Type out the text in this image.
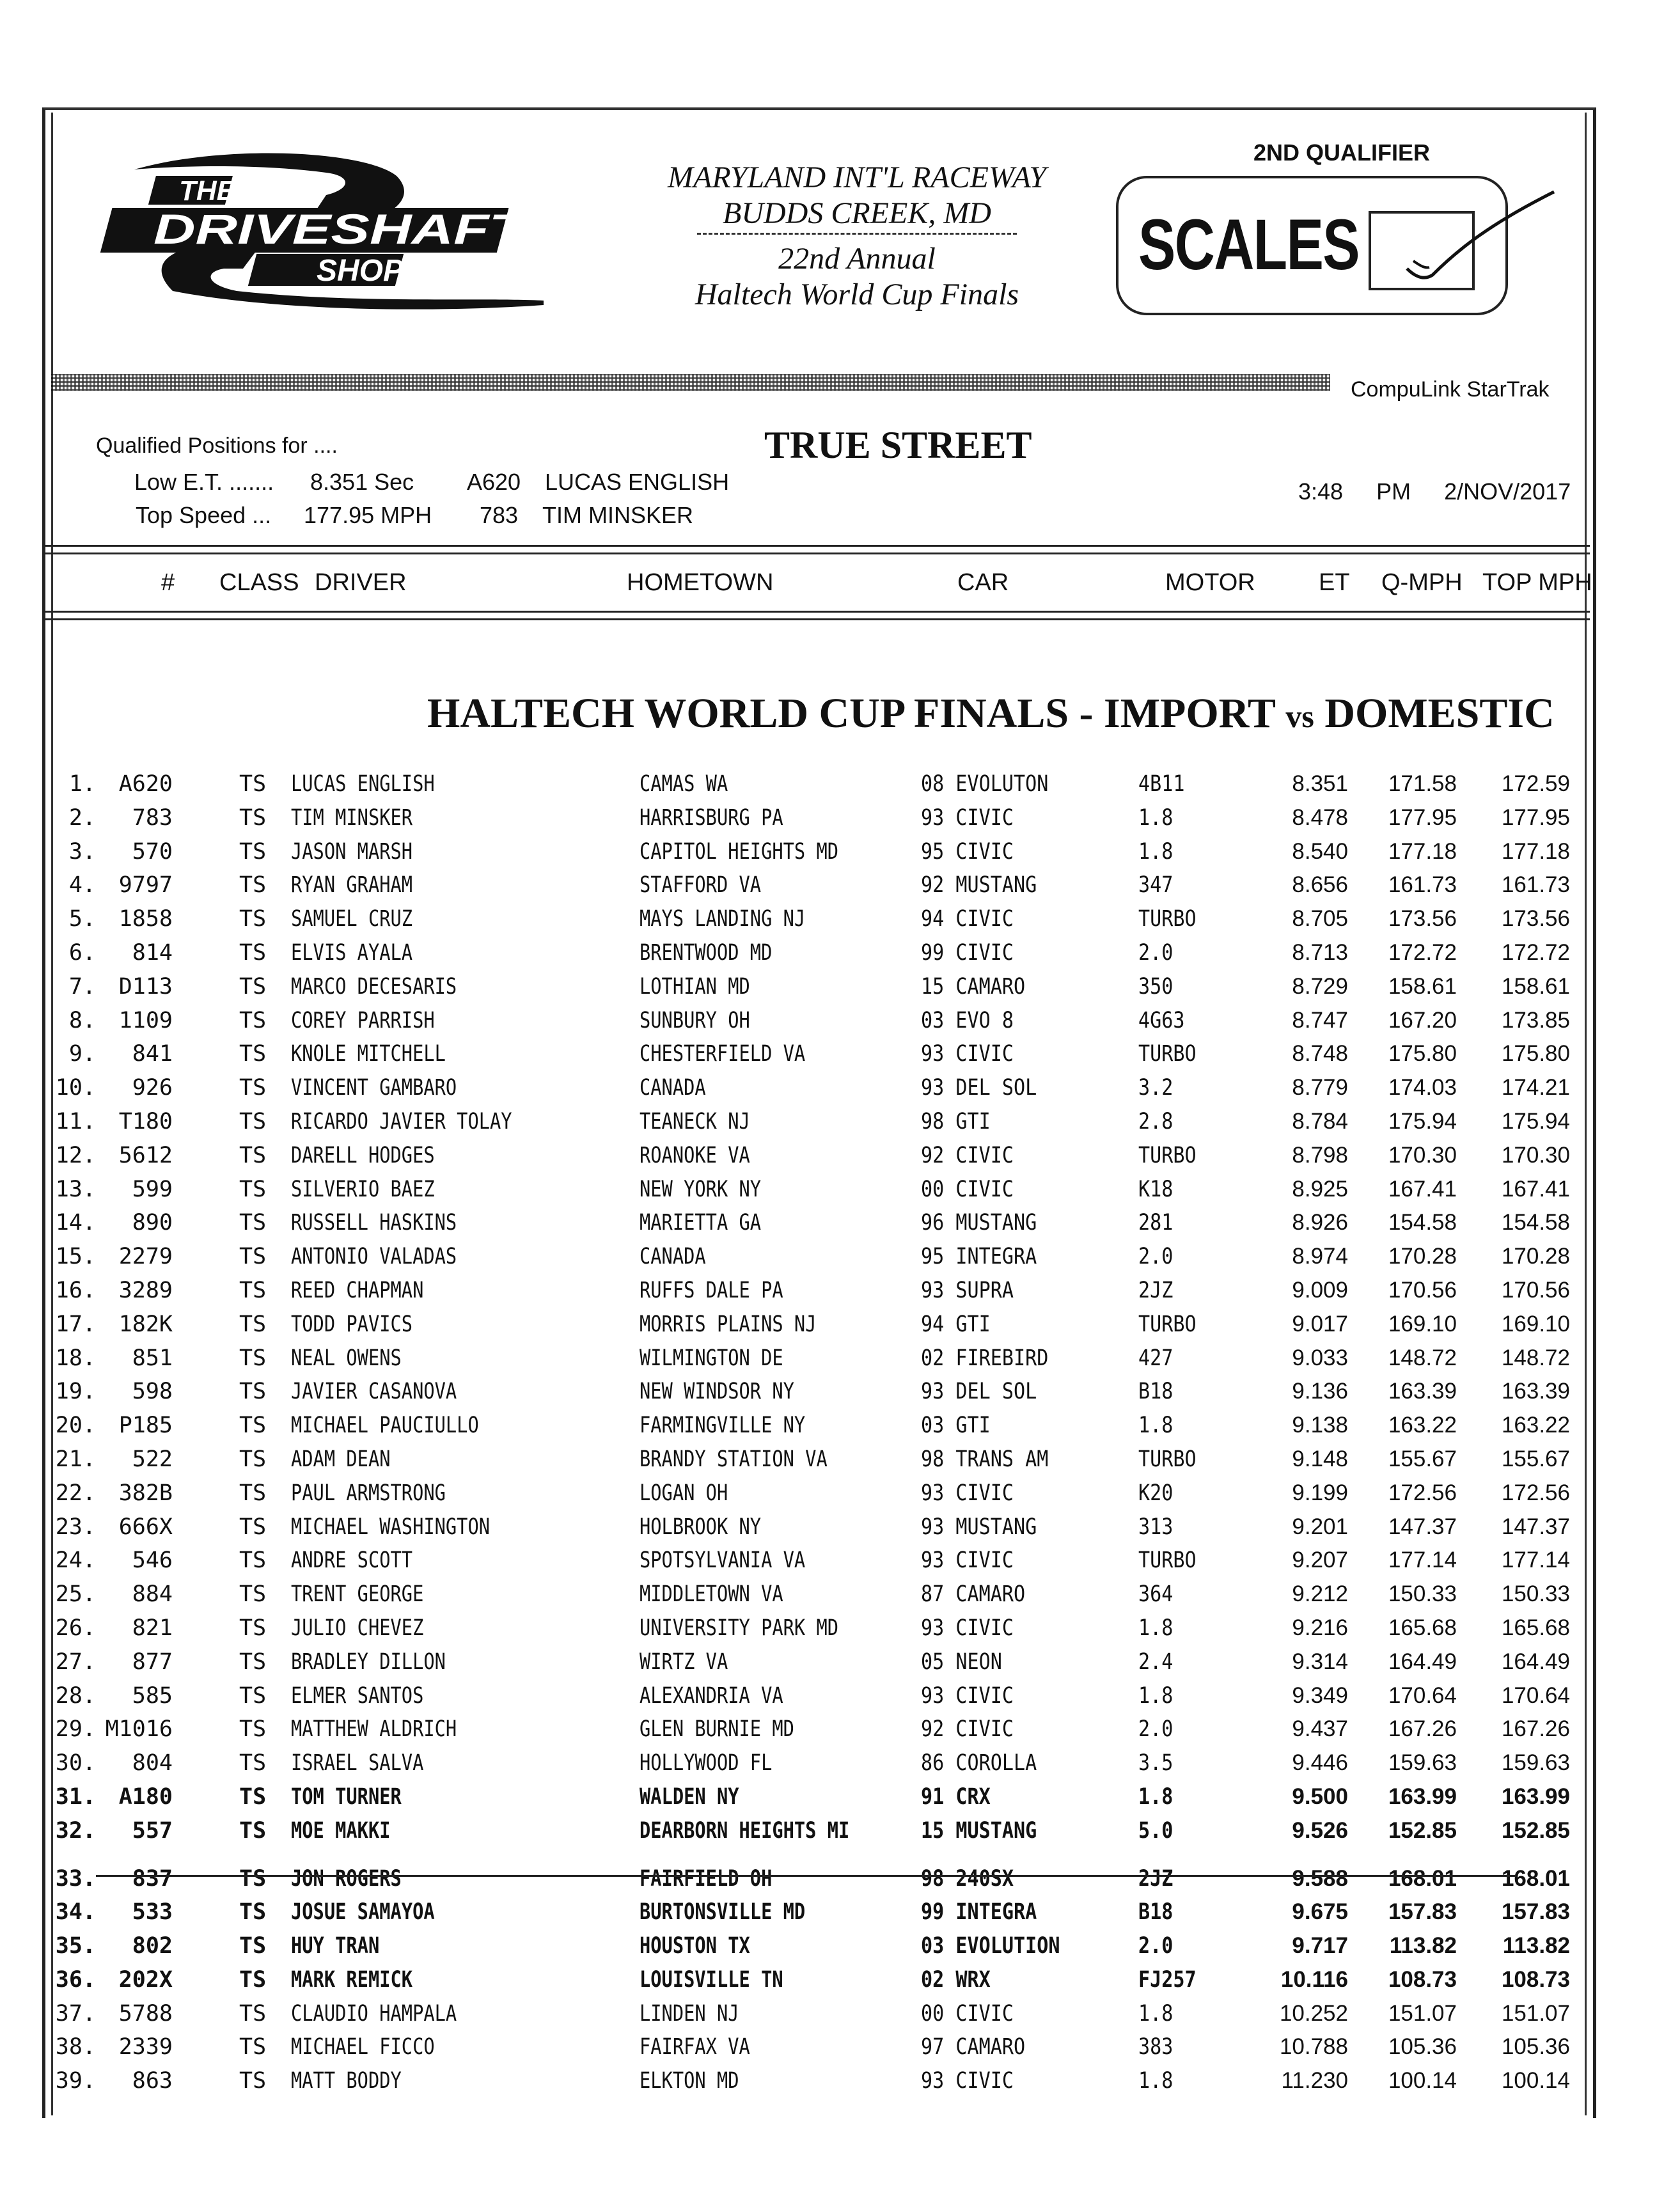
THE
DRIVESHAFT
SHOP
MARYLAND INT'L RACEWAY
BUDDS CREEK, MD
22nd Annual
Haltech World Cup Finals
2ND QUALIFIER
SCALES
CompuLink StarTrak
Qualified Positions for ....
Low E.T. ....... 8.351 Sec A620 LUCAS ENGLISH
Top Speed ... 177.95 MPH 783 TIM MINSKER
TRUE STREET
3:48 PM 2/NOV/2017
# CLASS DRIVER	HOMETOWN	CAR	MOTOR	ET Q-MPH TOP MPH
HALTECH WORLD CUP FINALS - IMPORT vs DOMESTIC
1.	A620	TS LUCAS ENGLISH	CAMAS WA	08 EVOLUTON	4B11	8.351	171.58	172.59
2.	783	TS TIM MINSKER	HARRISBURG PA	93 CIVIC	1.8	8.478	177.95	177.95
3.	570	TS JASON MARSH	CAPITOL HEIGHTS MD	95 CIVIC	1.8	8.540	177.18	177.18
4.	9797	TS RYAN GRAHAM	STAFFORD VA	92 MUSTANG	347	8.656	161.73	161.73
5.	1858	TS SAMUEL CRUZ	MAYS LANDING NJ	94 CIVIC	TURBO	8.705	173.56	173.56
6.	814	TS ELVIS AYALA	BRENTWOOD MD	99 CIVIC	2.0	8.713	172.72	172.72
7.	D113	TS MARCO DECESARIS	LOTHIAN MD	15 CAMARO	350	8.729	158.61	158.61
8.	1109	TS COREY PARRISH	SUNBURY OH	03 EVO 8	4G63	8.747	167.20	173.85
9.	841	TS KNOLE MITCHELL	CHESTERFIELD VA	93 CIVIC	TURBO	8.748	175.80	175.80
10.	926	TS VINCENT GAMBARO	CANADA	93 DEL SOL	3.2	8.779	174.03	174.21
11.	T180	TS RICARDO JAVIER TOLAY	TEANECK NJ	98 GTI	2.8	8.784	175.94	175.94
12.	5612	TS DARELL HODGES	ROANOKE VA	92 CIVIC	TURBO	8.798	170.30	170.30
13.	599	TS SILVERIO BAEZ	NEW YORK NY	00 CIVIC	K18	8.925	167.41	167.41
14.	890	TS RUSSELL HASKINS	MARIETTA GA	96 MUSTANG	281	8.926	154.58	154.58
15.	2279	TS ANTONIO VALADAS	CANADA	95 INTEGRA	2.0	8.974	170.28	170.28
16.	3289	TS REED CHAPMAN	RUFFS DALE PA	93 SUPRA	2JZ	9.009	170.56	170.56
17.	182K	TS TODD PAVICS	MORRIS PLAINS NJ	94 GTI	TURBO	9.017	169.10	169.10
18.	851	TS NEAL OWENS	WILMINGTON DE	02 FIREBIRD	427	9.033	148.72	148.72
19.	598	TS JAVIER CASANOVA	NEW WINDSOR NY	93 DEL SOL	B18	9.136	163.39	163.39
20.	P185	TS MICHAEL PAUCIULLO	FARMINGVILLE NY	03 GTI	1.8	9.138	163.22	163.22
21.	522	TS ADAM DEAN	BRANDY STATION VA	98 TRANS AM	TURBO	9.148	155.67	155.67
22.	382B	TS PAUL ARMSTRONG	LOGAN OH	93 CIVIC	K20	9.199	172.56	172.56
23.	666X	TS MICHAEL WASHINGTON	HOLBROOK NY	93 MUSTANG	313	9.201	147.37	147.37
24.	546	TS ANDRE SCOTT	SPOTSYLVANIA VA	93 CIVIC	TURBO	9.207	177.14	177.14
25.	884	TS TRENT GEORGE	MIDDLETOWN VA	87 CAMARO	364	9.212	150.33	150.33
26.	821	TS JULIO CHEVEZ	UNIVERSITY PARK MD	93 CIVIC	1.8	9.216	165.68	165.68
27.	877	TS BRADLEY DILLON	WIRTZ VA	05 NEON	2.4	9.314	164.49	164.49
28.	585	TS ELMER SANTOS	ALEXANDRIA VA	93 CIVIC	1.8	9.349	170.64	170.64
29. M1016	TS MATTHEW ALDRICH	GLEN BURNIE MD	92 CIVIC	2.0	9.437	167.26	167.26
30.	804	TS ISRAEL SALVA	HOLLYWOOD FL	86 COROLLA	3.5	9.446	159.63	159.63
31.	A180	TS TOM TURNER	WALDEN NY	91 CRX	1.8	9.500	163.99	163.99
32.	557	TS MOE MAKKI	DEARBORN HEIGHTS MI	15 MUSTANG	5.0	9.526	152.85	152.85
33.	837	TS JON ROGERS	FAIRFIELD OH	98 240SX	2JZ	9.588	168.01	168.01
34.	533	TS JOSUE SAMAYOA	BURTONSVILLE MD	99 INTEGRA	B18	9.675	157.83	157.83
35.	802	TS HUY TRAN	HOUSTON TX	03 EVOLUTION	2.0	9.717	113.82	113.82
36.	202X	TS MARK REMICK	LOUISVILLE TN	02 WRX	FJ257	10.116	108.73	108.73
37.	5788	TS CLAUDIO HAMPALA	LINDEN NJ	00 CIVIC	1.8	10.252	151.07	151.07
38.	2339	TS MICHAEL FICCO	FAIRFAX VA	97 CAMARO	383	10.788	105.36	105.36
39.	863	TS MATT BODDY	ELKTON MD	93 CIVIC	1.8	11.230	100.14	100.14
